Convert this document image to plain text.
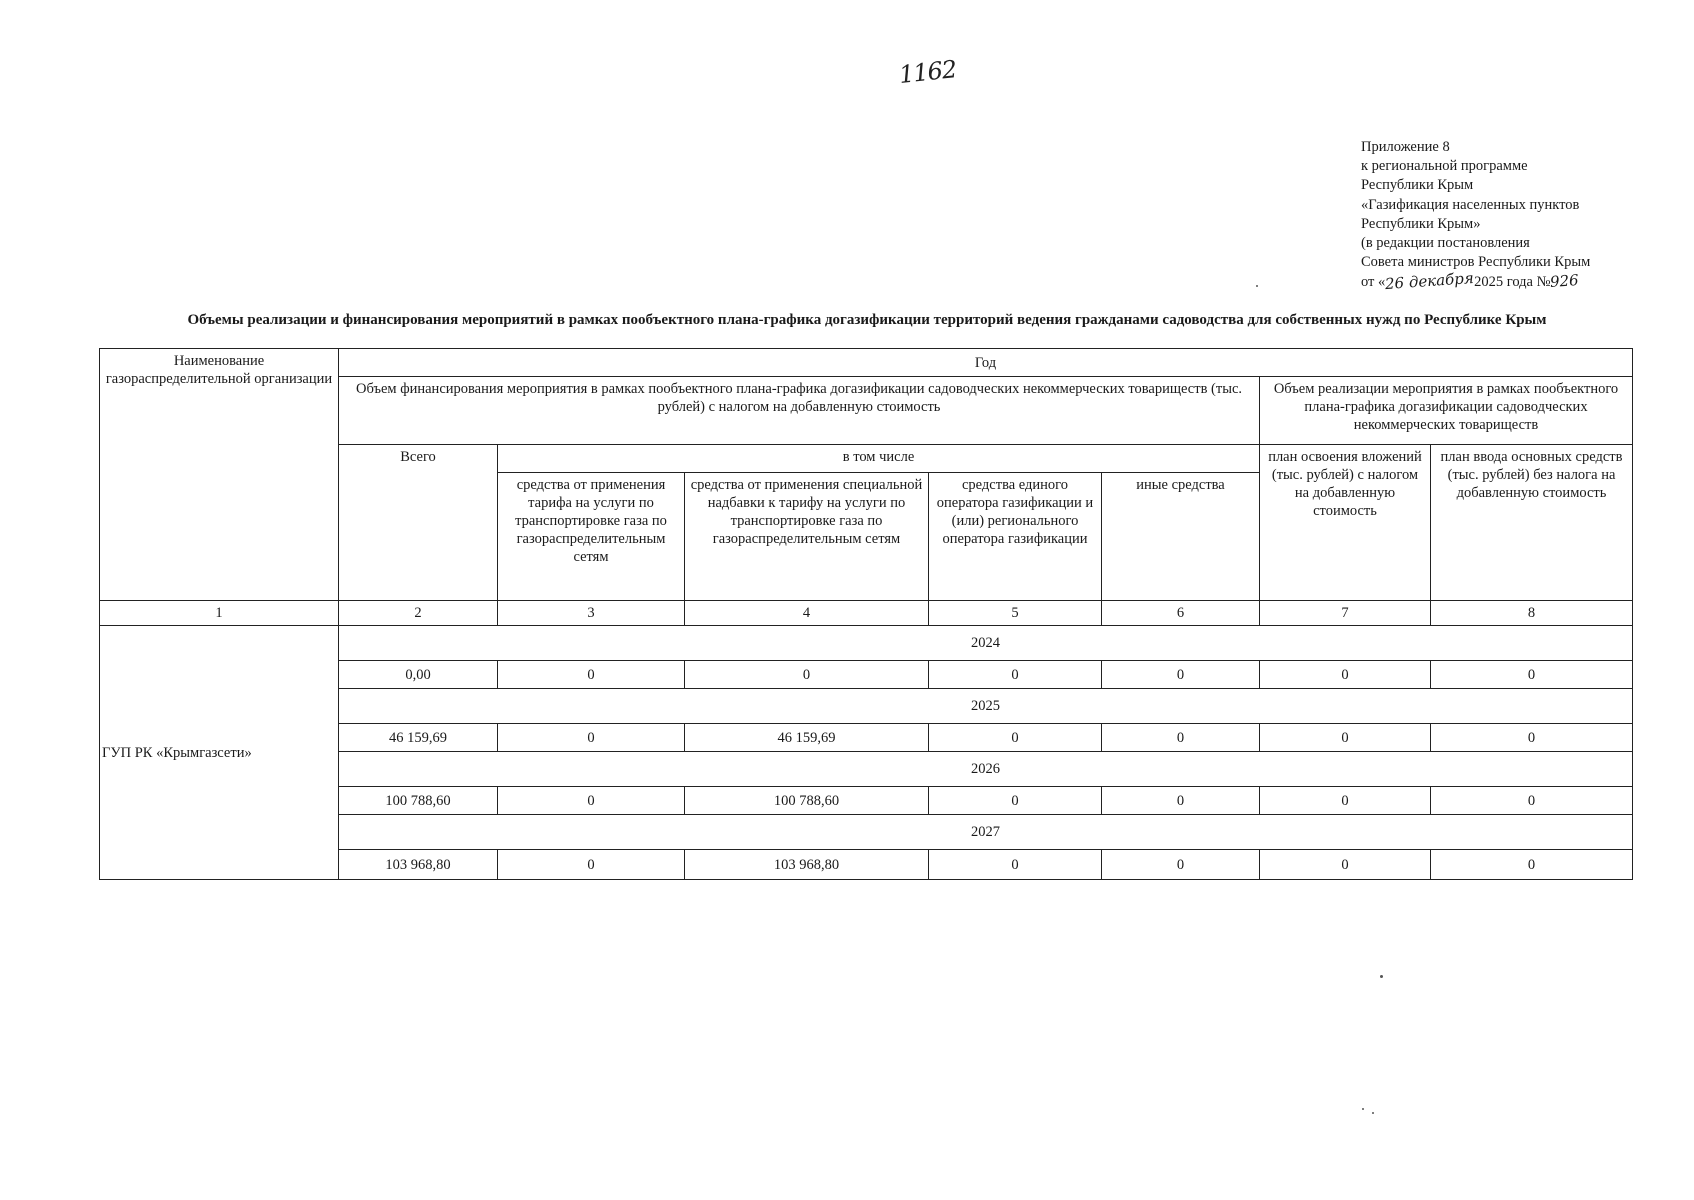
1162
Приложение 8
к региональной программе
Республики Крым
«Газификация населенных пунктов
Республики Крым»
(в редакции постановления
Совета министров Республики Крым
от «26 декабря2025 года №926
Объемы реализации и финансирования мероприятий в рамках пообъектного плана-графика догазификации территорий ведения гражданами садоводства для собственных нужд по Республике Крым
Наименование газораспределительной организации	Год						
	Объем финансирования мероприятия в рамках пообъектного плана-графика догазификации садоводческих некоммерческих товариществ (тыс. рублей) с налогом на добавленную стоимость					Объем реализации мероприятия в рамках пообъектного плана-графика догазификации садоводческих некоммерческих товариществ	
	Всего	в том числе				план освоения вложений (тыс. рублей) с налогом на добавленную стоимость	план ввода основных средств (тыс. рублей) без налога на добавленную стоимость
		средства от применения тарифа на услуги по транспортировке газа по газораспределительным сетям	средства от применения специальной надбавки к тарифу на услуги по транспортировке газа по газораспределительным сетям	средства единого оператора газификации и (или) регионального оператора газификации	иные средства		
1	2	3	4	5	6	7	8
ГУП РК «Крымгазсети»	2024						
	0,00	0	0	0	0	0	0
	2025						
	46 159,69	0	46 159,69	0	0	0	0
	2026						
	100 788,60	0	100 788,60	0	0	0	0
	2027						
	103 968,80	0	103 968,80	0	0	0	0
